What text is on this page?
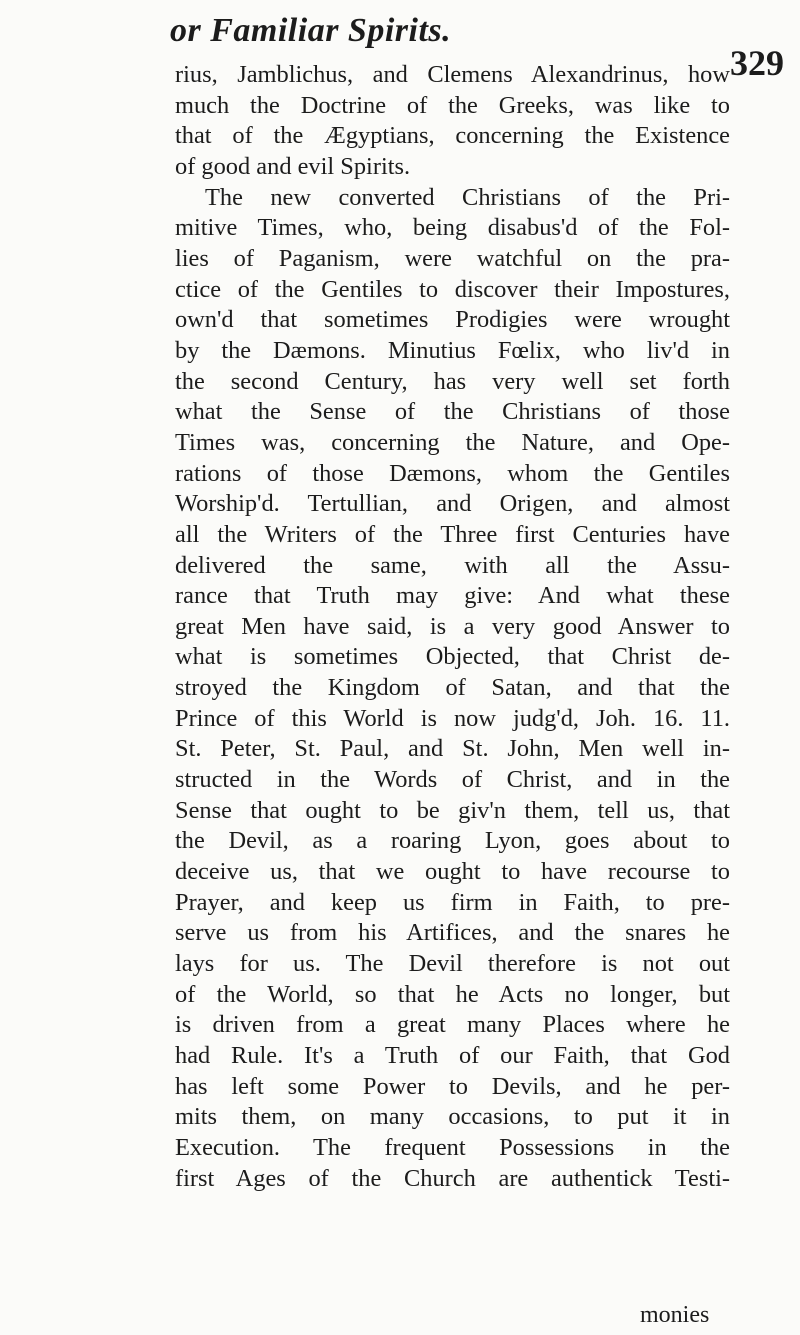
or Familiar Spirits.
329
rius, Jamblichus, and Clemens Alexandrinus, how
much the Doctrine of the Greeks, was like to
that of the Ægyptians, concerning the Existence
of good and evil Spirits.
The new converted Christians of the Pri-
mitive Times, who, being disabus'd of the Fol-
lies of Paganism, were watchful on the pra-
ctice of the Gentiles to discover their Impostures,
own'd that sometimes Prodigies were wrought
by the Dæmons. Minutius Fœlix, who liv'd in
the second Century, has very well set forth
what the Sense of the Christians of those
Times was, concerning the Nature, and Ope-
rations of those Dæmons, whom the Gentiles
Worship'd. Tertullian, and Origen, and almost
all the Writers of the Three first Centuries have
delivered the same, with all the Assu-
rance that Truth may give: And what these
great Men have said, is a very good Answer to
what is sometimes Objected, that Christ de-
stroyed the Kingdom of Satan, and that the
Prince of this World is now judg'd, Joh. 16. 11.
St. Peter, St. Paul, and St. John, Men well in-
structed in the Words of Christ, and in the
Sense that ought to be giv'n them, tell us, that
the Devil, as a roaring Lyon, goes about to
deceive us, that we ought to have recourse to
Prayer, and keep us firm in Faith, to pre-
serve us from his Artifices, and the snares he
lays for us. The Devil therefore is not out
of the World, so that he Acts no longer, but
is driven from a great many Places where he
had Rule. It's a Truth of our Faith, that God
has left some Power to Devils, and he per-
mits them, on many occasions, to put it in
Execution. The frequent Possessions in the
first Ages of the Church are authentick Testi-
monies
